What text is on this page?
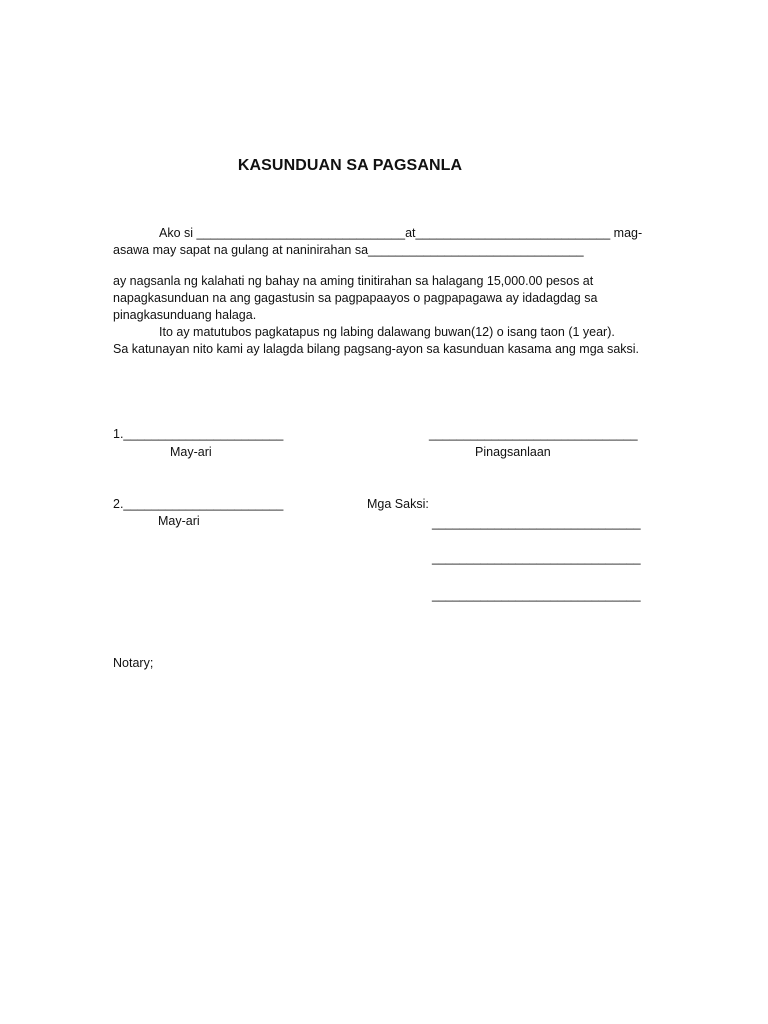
KASUNDUAN SA PAGSANLA
Ako si ______________________________at____________________________ mag-
asawa may sapat na gulang at naninirahan sa_______________________________
ay nagsanla ng kalahati ng bahay na aming tinitirahan sa halagang 15,000.00 pesos at
napagkasunduan na ang gagastusin sa pagpapaayos o pagpapagawa ay idadagdag sa
pinagkasunduang halaga.
Ito ay matutubos pagkatapus ng labing dalawang buwan(12) o isang taon (1 year).
Sa katunayan nito kami ay lalagda bilang pagsang-ayon sa kasunduan kasama ang mga saksi.
1._______________________
May-ari
______________________________
Pinagsanlaan
2._______________________
May-ari
Mga Saksi:
______________________________
______________________________
______________________________
Notary;
